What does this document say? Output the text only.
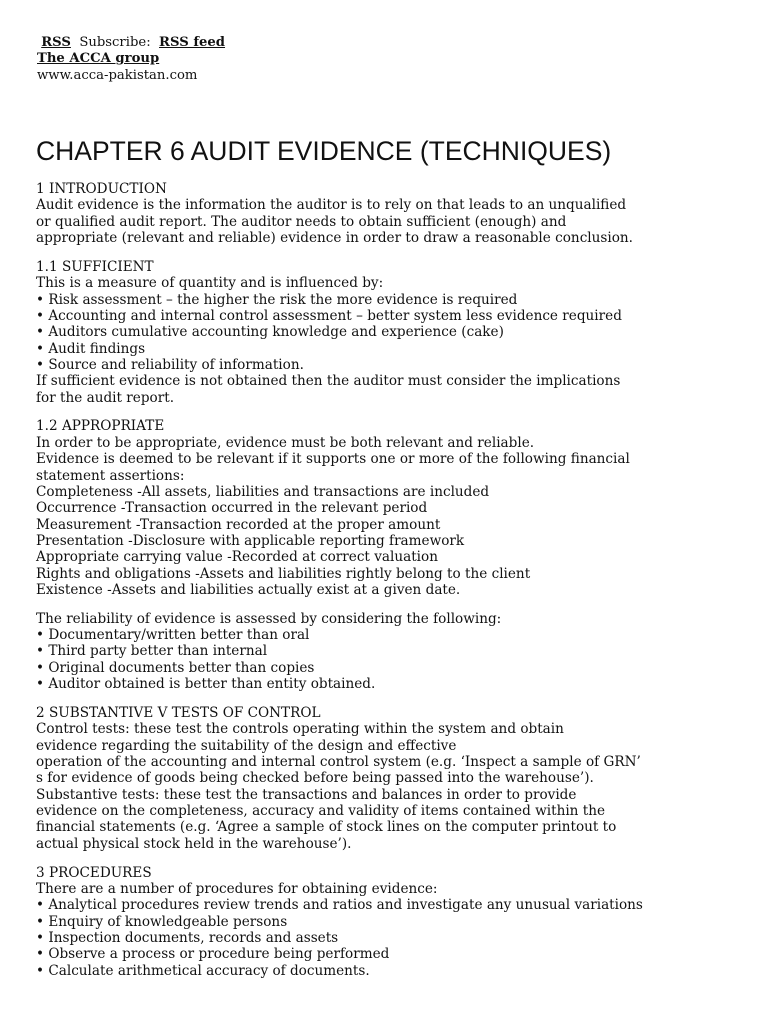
RSS Subscribe: RSS feed
The ACCA group
www.acca-pakistan.com
CHAPTER 6 AUDIT EVIDENCE (TECHNIQUES)
1 INTRODUCTION
Audit evidence is the information the auditor is to rely on that leads to an unqualified
or qualified audit report. The auditor needs to obtain sufficient (enough) and
appropriate (relevant and reliable) evidence in order to draw a reasonable conclusion.
1.1 SUFFICIENT
This is a measure of quantity and is influenced by:
• Risk assessment – the higher the risk the more evidence is required
• Accounting and internal control assessment – better system less evidence required
• Auditors cumulative accounting knowledge and experience (cake)
• Audit findings
• Source and reliability of information.
If sufficient evidence is not obtained then the auditor must consider the implications
for the audit report.
1.2 APPROPRIATE
In order to be appropriate, evidence must be both relevant and reliable.
Evidence is deemed to be relevant if it supports one or more of the following financial
statement assertions:
Completeness -All assets, liabilities and transactions are included
Occurrence -Transaction occurred in the relevant period
Measurement -Transaction recorded at the proper amount
Presentation -Disclosure with applicable reporting framework
Appropriate carrying value -Recorded at correct valuation
Rights and obligations -Assets and liabilities rightly belong to the client
Existence -Assets and liabilities actually exist at a given date.
The reliability of evidence is assessed by considering the following:
• Documentary/written better than oral
• Third party better than internal
• Original documents better than copies
• Auditor obtained is better than entity obtained.
2 SUBSTANTIVE V TESTS OF CONTROL
Control tests: these test the controls operating within the system and obtain
evidence regarding the suitability of the design and effective
operation of the accounting and internal control system (e.g. ‘Inspect a sample of GRN’
s for evidence of goods being checked before being passed into the warehouse’).
Substantive tests: these test the transactions and balances in order to provide
evidence on the completeness, accuracy and validity of items contained within the
financial statements (e.g. ‘Agree a sample of stock lines on the computer printout to
actual physical stock held in the warehouse’).
3 PROCEDURES
There are a number of procedures for obtaining evidence:
• Analytical procedures review trends and ratios and investigate any unusual variations
• Enquiry of knowledgeable persons
• Inspection documents, records and assets
• Observe a process or procedure being performed
• Calculate arithmetical accuracy of documents.
